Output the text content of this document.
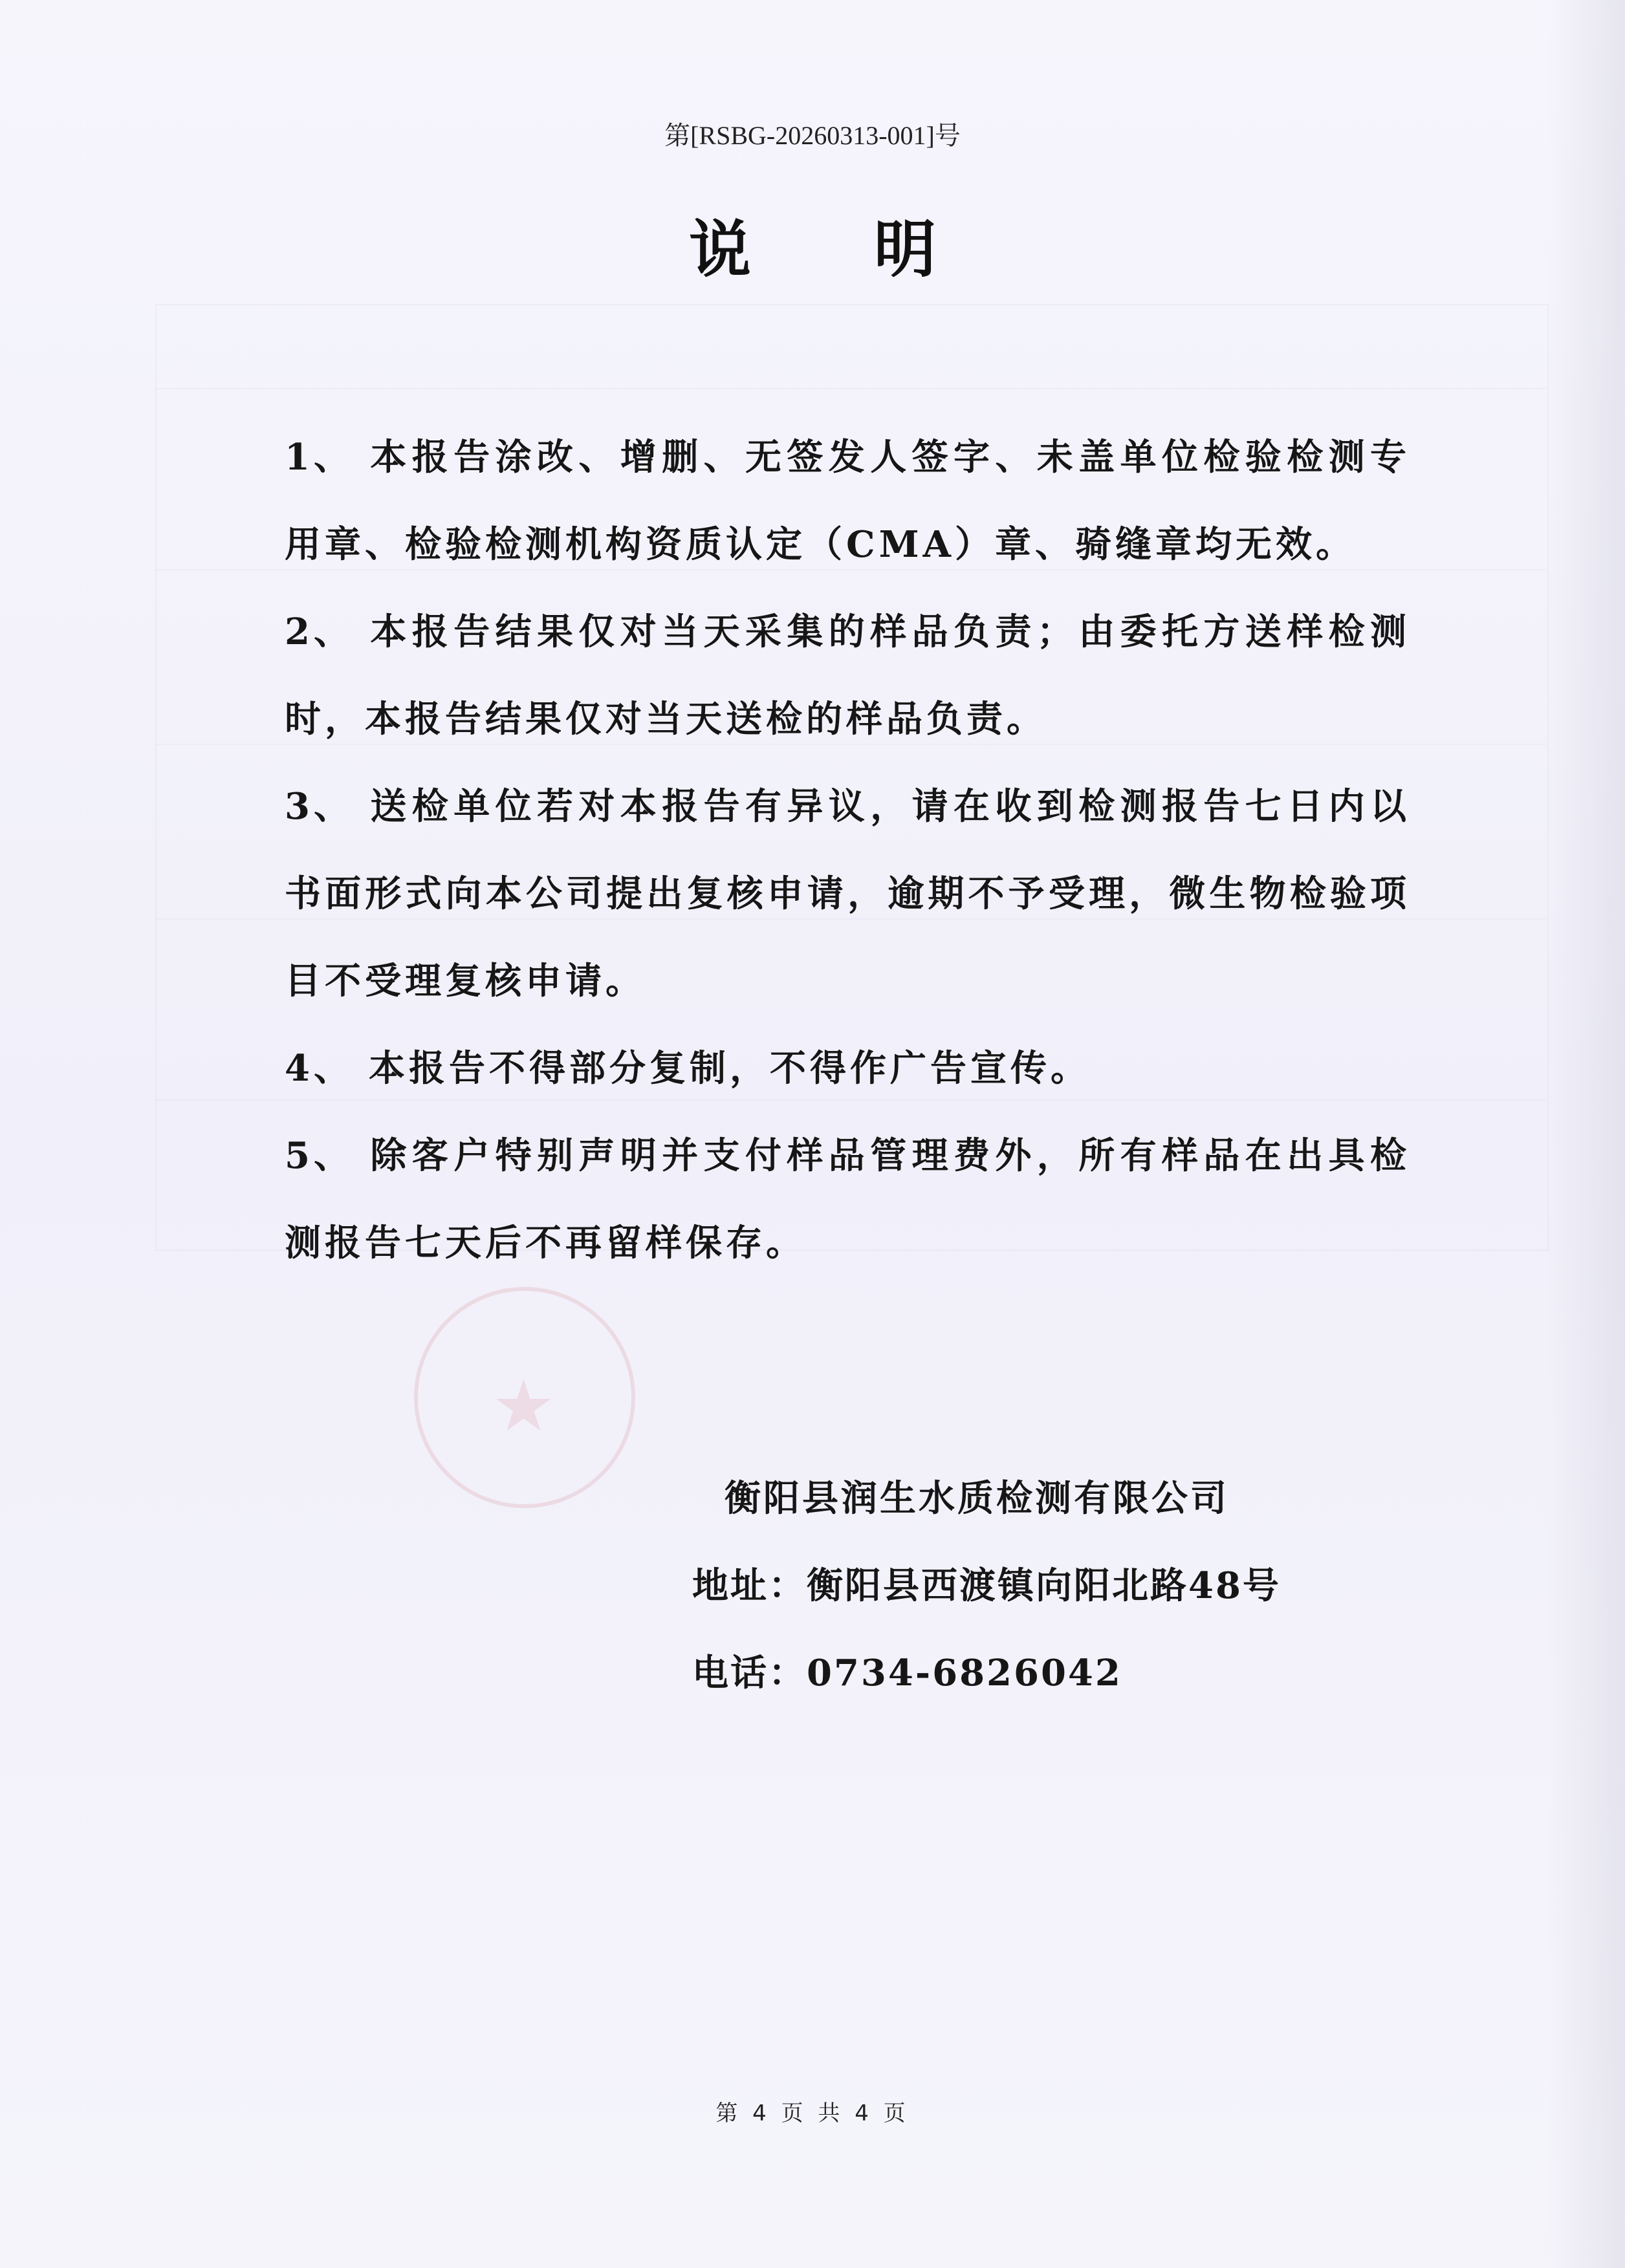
★
第[RSBG-20260313-001]号
说明

1、 本报告涂改、增删、无签发人签字、未盖单位检验检测专用章、检验检测机构资质认定（CMA）章、骑缝章均无效。

2、 本报告结果仅对当天采集的样品负责；由委托方送样检测时，本报告结果仅对当天送检的样品负责。

3、 送检单位若对本报告有异议，请在收到检测报告七日内以书面形式向本公司提出复核申请，逾期不予受理，微生物检验项目不受理复核申请。

4、 本报告不得部分复制，不得作广告宣传。

5、 除客户特别声明并支付样品管理费外，所有样品在出具检测报告七天后不再留样保存。

衡阳县润生水质检测有限公司
地址：衡阳县西渡镇向阳北路48号
电话：0734-6826042
第 4 页 共 4 页
